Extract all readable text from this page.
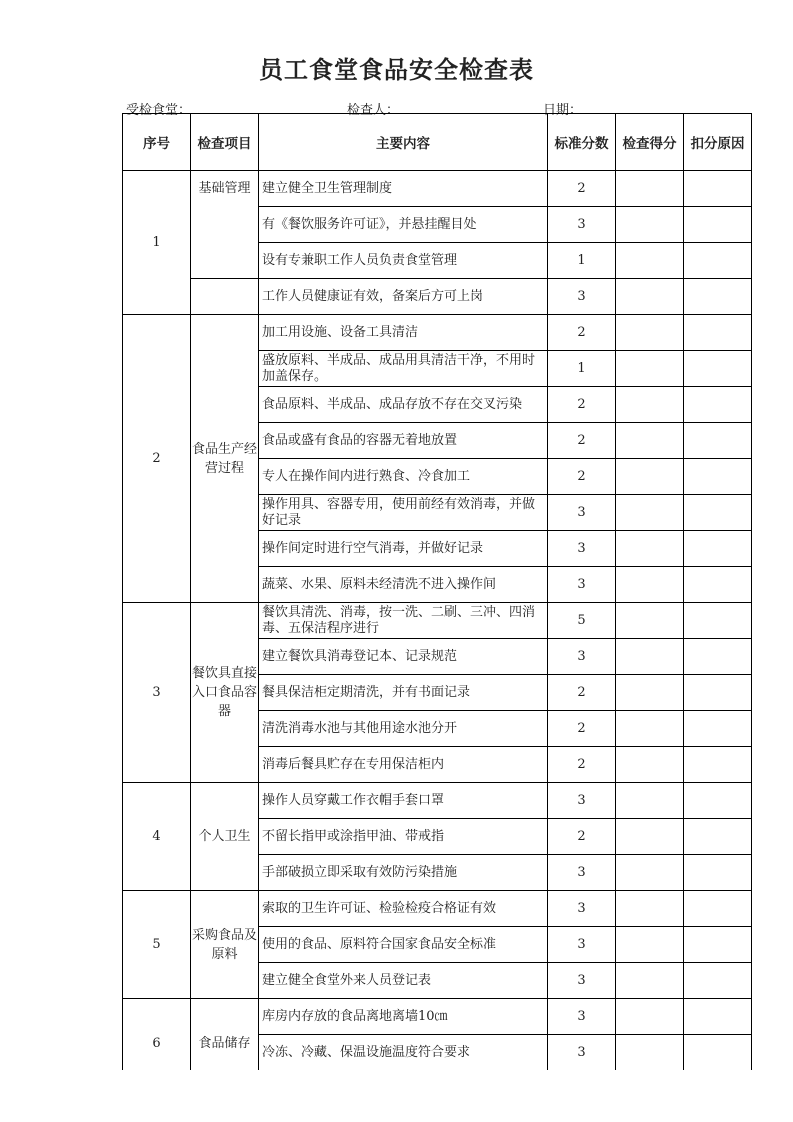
员工食堂食品安全检查表
受检食堂：	检查人：	日期：
序号	检查项目	主要内容	标准分数	检查得分	扣分原因
1	基础管理	建立健全卫生管理制度	2		
		有《餐饮服务许可证》，并悬挂醒目处	3		
		设有专兼职工作人员负责食堂管理	1		
		工作人员健康证有效，备案后方可上岗	3		
2	食品生产经营过程	加工用设施、设备工具清洁	2		
		盛放原料、半成品、成品用具清洁干净，不用时加盖保存。	1		
		食品原料、半成品、成品存放不存在交叉污染	2		
		食品或盛有食品的容器无着地放置	2		
		专人在操作间内进行熟食、冷食加工	2		
		操作用具、容器专用，使用前经有效消毒，并做好记录	3		
		操作间定时进行空气消毒，并做好记录	3		
		蔬菜、水果、原料未经清洗不进入操作间	3		
3	餐饮具直接入口食品容器	餐饮具清洗、消毒，按一洗、二刷、三冲、四消毒、五保洁程序进行	5		
		建立餐饮具消毒登记本、记录规范	3		
		餐具保洁柜定期清洗，并有书面记录	2		
		清洗消毒水池与其他用途水池分开	2		
		消毒后餐具贮存在专用保洁柜内	2		
4	个人卫生	操作人员穿戴工作衣帽手套口罩	3		
		不留长指甲或涂指甲油、带戒指	2		
		手部破损立即采取有效防污染措施	3		
5	采购食品及原料	索取的卫生许可证、检验检疫合格证有效	3		
		使用的食品、原料符合国家食品安全标准	3		
		建立健全食堂外来人员登记表	3		
6	食品储存	库房内存放的食品离地离墙10㎝	3		
		冷冻、冷藏、保温设施温度符合要求	3		
